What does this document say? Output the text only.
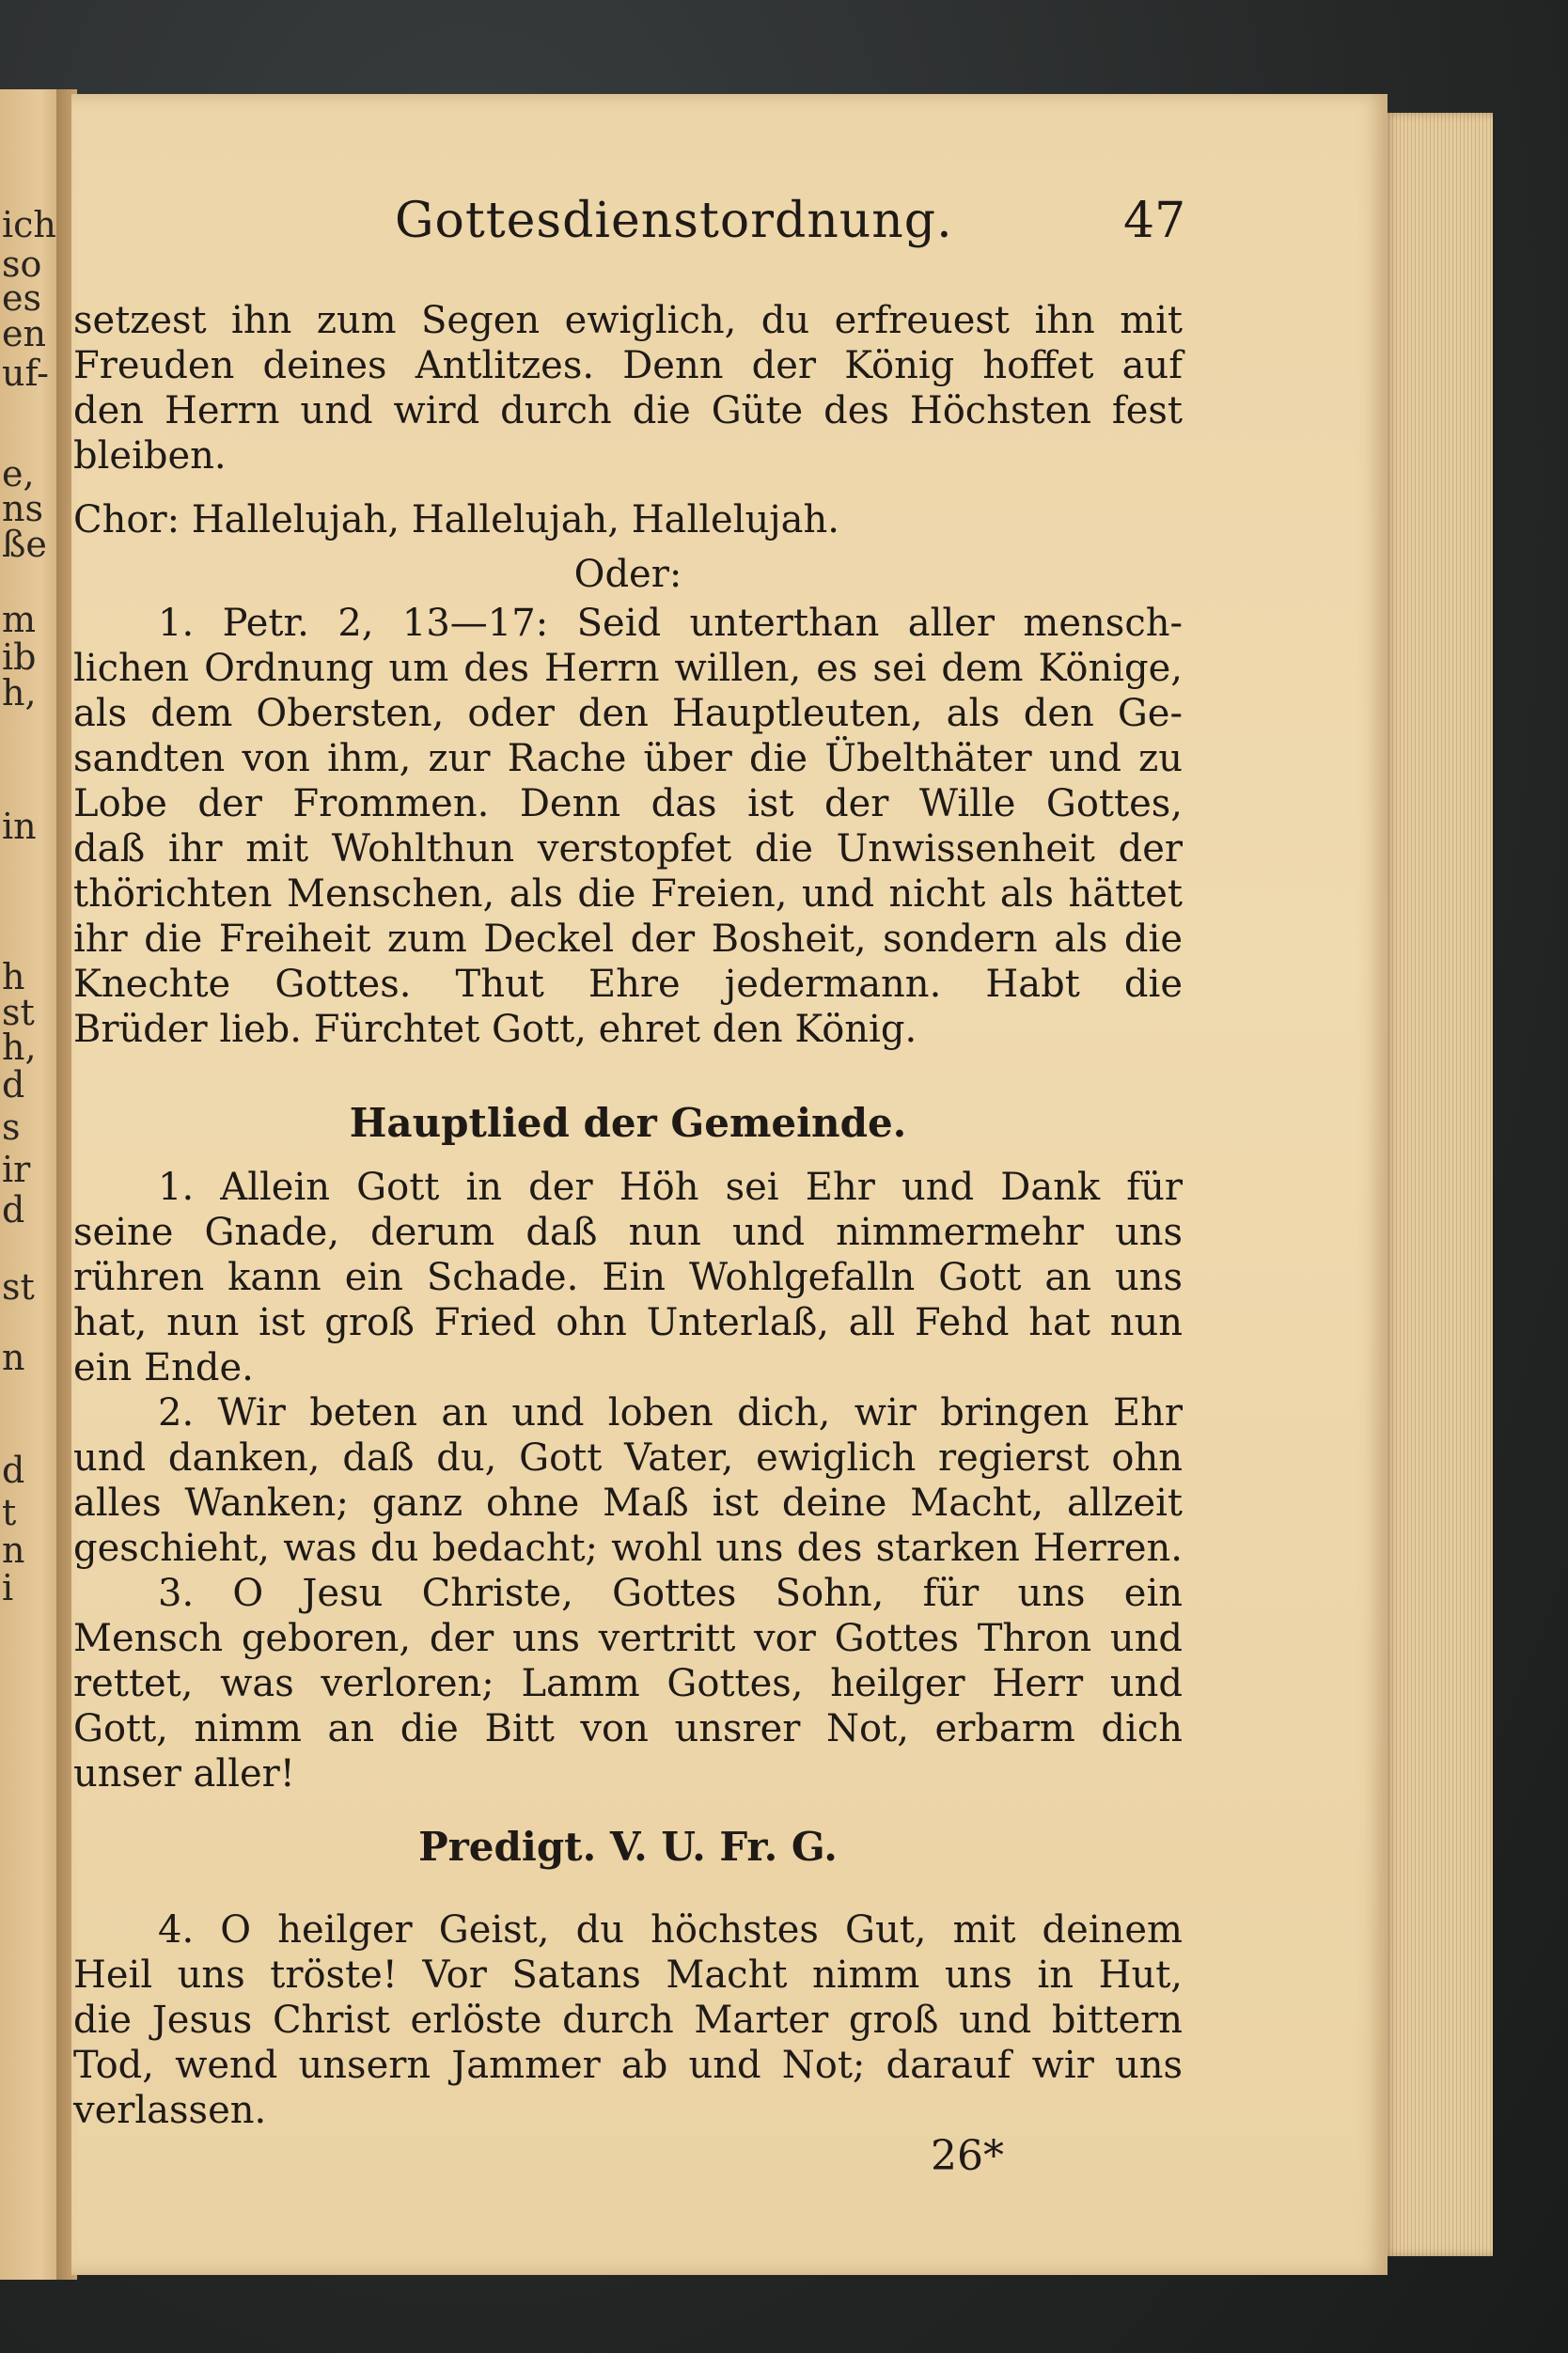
ich
so
es
en
uf-
e,
ns
ße
m
ib
h,
in
h
st
h,
d
s
ir
d
st
n
d
t
n
i
Gottesdienstordnung.	47
setzest ihn zum Segen ewiglich, du erfreuest ihn mit
Freuden deines Antlitzes. Denn der König hoffet auf
den Herrn und wird durch die Güte des Höchsten fest
bleiben.
Chor: Hallelujah, Hallelujah, Hallelujah.
Oder:
1. Petr. 2, 13—17: Seid unterthan aller mensch-
lichen Ordnung um des Herrn willen, es sei dem Könige,
als dem Obersten, oder den Hauptleuten, als den Ge-
sandten von ihm, zur Rache über die Übelthäter und zu
Lobe der Frommen. Denn das ist der Wille Gottes,
daß ihr mit Wohlthun verstopfet die Unwissenheit der
thörichten Menschen, als die Freien, und nicht als hättet
ihr die Freiheit zum Deckel der Bosheit, sondern als die
Knechte Gottes. Thut Ehre jedermann. Habt die
Brüder lieb. Fürchtet Gott, ehret den König.
Hauptlied der Gemeinde.
1. Allein Gott in der Höh sei Ehr und Dank für
seine Gnade, derum daß nun und nimmermehr uns
rühren kann ein Schade. Ein Wohlgefalln Gott an uns
hat, nun ist groß Fried ohn Unterlaß, all Fehd hat nun
ein Ende.
2. Wir beten an und loben dich, wir bringen Ehr
und danken, daß du, Gott Vater, ewiglich regierst ohn
alles Wanken; ganz ohne Maß ist deine Macht, allzeit
geschieht, was du bedacht; wohl uns des starken Herren.
3. O Jesu Christe, Gottes Sohn, für uns ein
Mensch geboren, der uns vertritt vor Gottes Thron und
rettet, was verloren; Lamm Gottes, heilger Herr und
Gott, nimm an die Bitt von unsrer Not, erbarm dich
unser aller!
Predigt. V. U. Fr. G.
4. O heilger Geist, du höchstes Gut, mit deinem
Heil uns tröste! Vor Satans Macht nimm uns in Hut,
die Jesus Christ erlöste durch Marter groß und bittern
Tod, wend unsern Jammer ab und Not; darauf wir uns
verlassen.
26*
